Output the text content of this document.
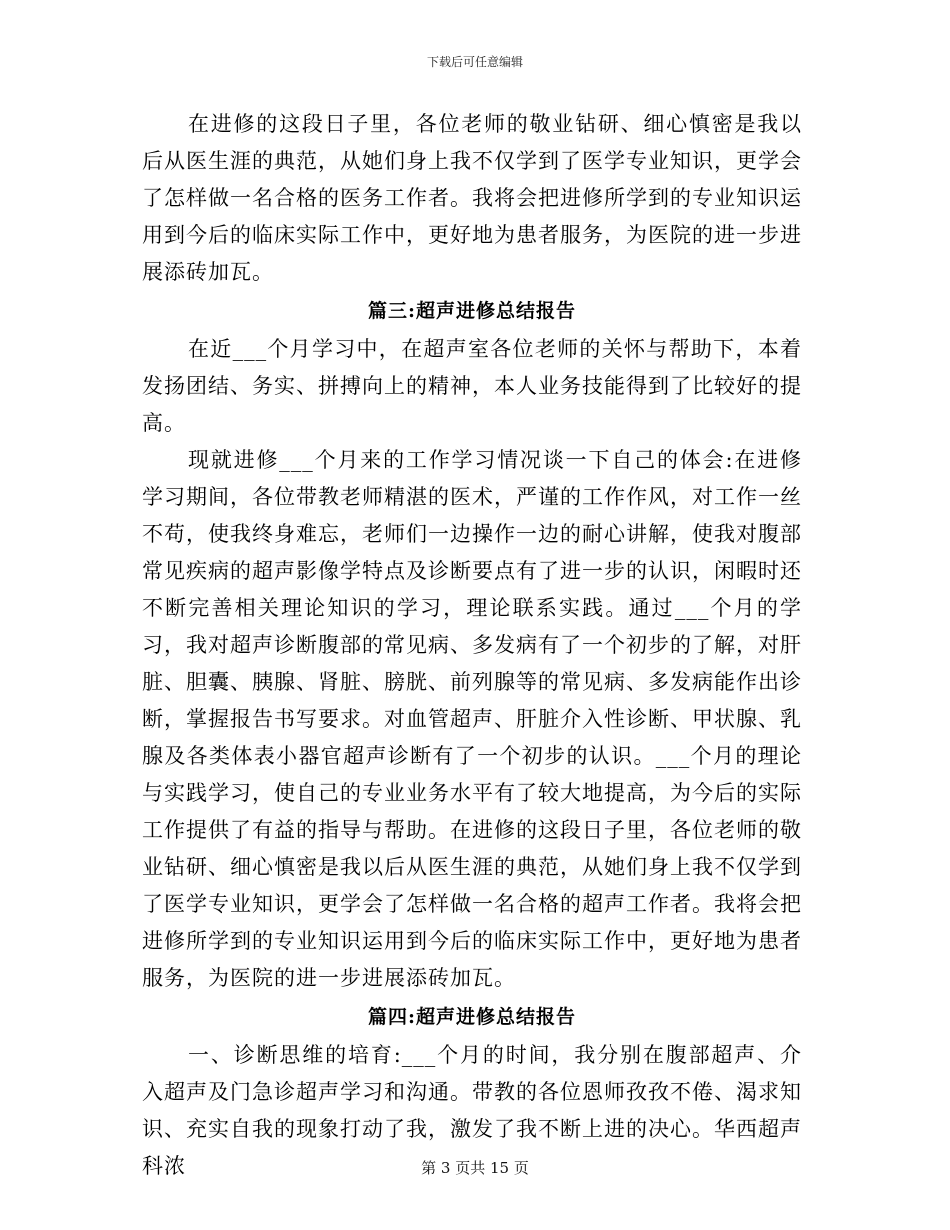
下载后可任意编辑

在进修的这段日子里，各位老师的敬业钻研、细心慎密是我以后从医生涯的典范，从她们身上我不仅学到了医学专业知识，更学会了怎样做一名合格的医务工作者。我将会把进修所学到的专业知识运用到今后的临床实际工作中，更好地为患者服务，为医院的进一步进展添砖加瓦。

篇三:超声进修总结报告

在近___个月学习中，在超声室各位老师的关怀与帮助下，本着发扬团结、务实、拼搏向上的精神，本人业务技能得到了比较好的提高。

现就进修___个月来的工作学习情况谈一下自己的体会:在进修学习期间，各位带教老师精湛的医术，严谨的工作作风，对工作一丝不苟，使我终身难忘，老师们一边操作一边的耐心讲解，使我对腹部常见疾病的超声影像学特点及诊断要点有了进一步的认识，闲暇时还不断完善相关理论知识的学习，理论联系实践。通过___个月的学习，我对超声诊断腹部的常见病、多发病有了一个初步的了解，对肝脏、胆囊、胰腺、肾脏、膀胱、前列腺等的常见病、多发病能作出诊断，掌握报告书写要求。对血管超声、肝脏介入性诊断、甲状腺、乳腺及各类体表小器官超声诊断有了一个初步的认识。___个月的理论与实践学习，使自己的专业业务水平有了较大地提高，为今后的实际工作提供了有益的指导与帮助。在进修的这段日子里，各位老师的敬业钻研、细心慎密是我以后从医生涯的典范，从她们身上我不仅学到了医学专业知识，更学会了怎样做一名合格的超声工作者。我将会把进修所学到的专业知识运用到今后的临床实际工作中，更好地为患者服务，为医院的进一步进展添砖加瓦。

篇四:超声进修总结报告

一、诊断思维的培育:___个月的时间，我分别在腹部超声、介入超声及门急诊超声学习和沟通。带教的各位恩师孜孜不倦、渴求知识、充实自我的现象打动了我，激发了我不断上进的决心。华西超声科浓	第 3 页共 15 页
